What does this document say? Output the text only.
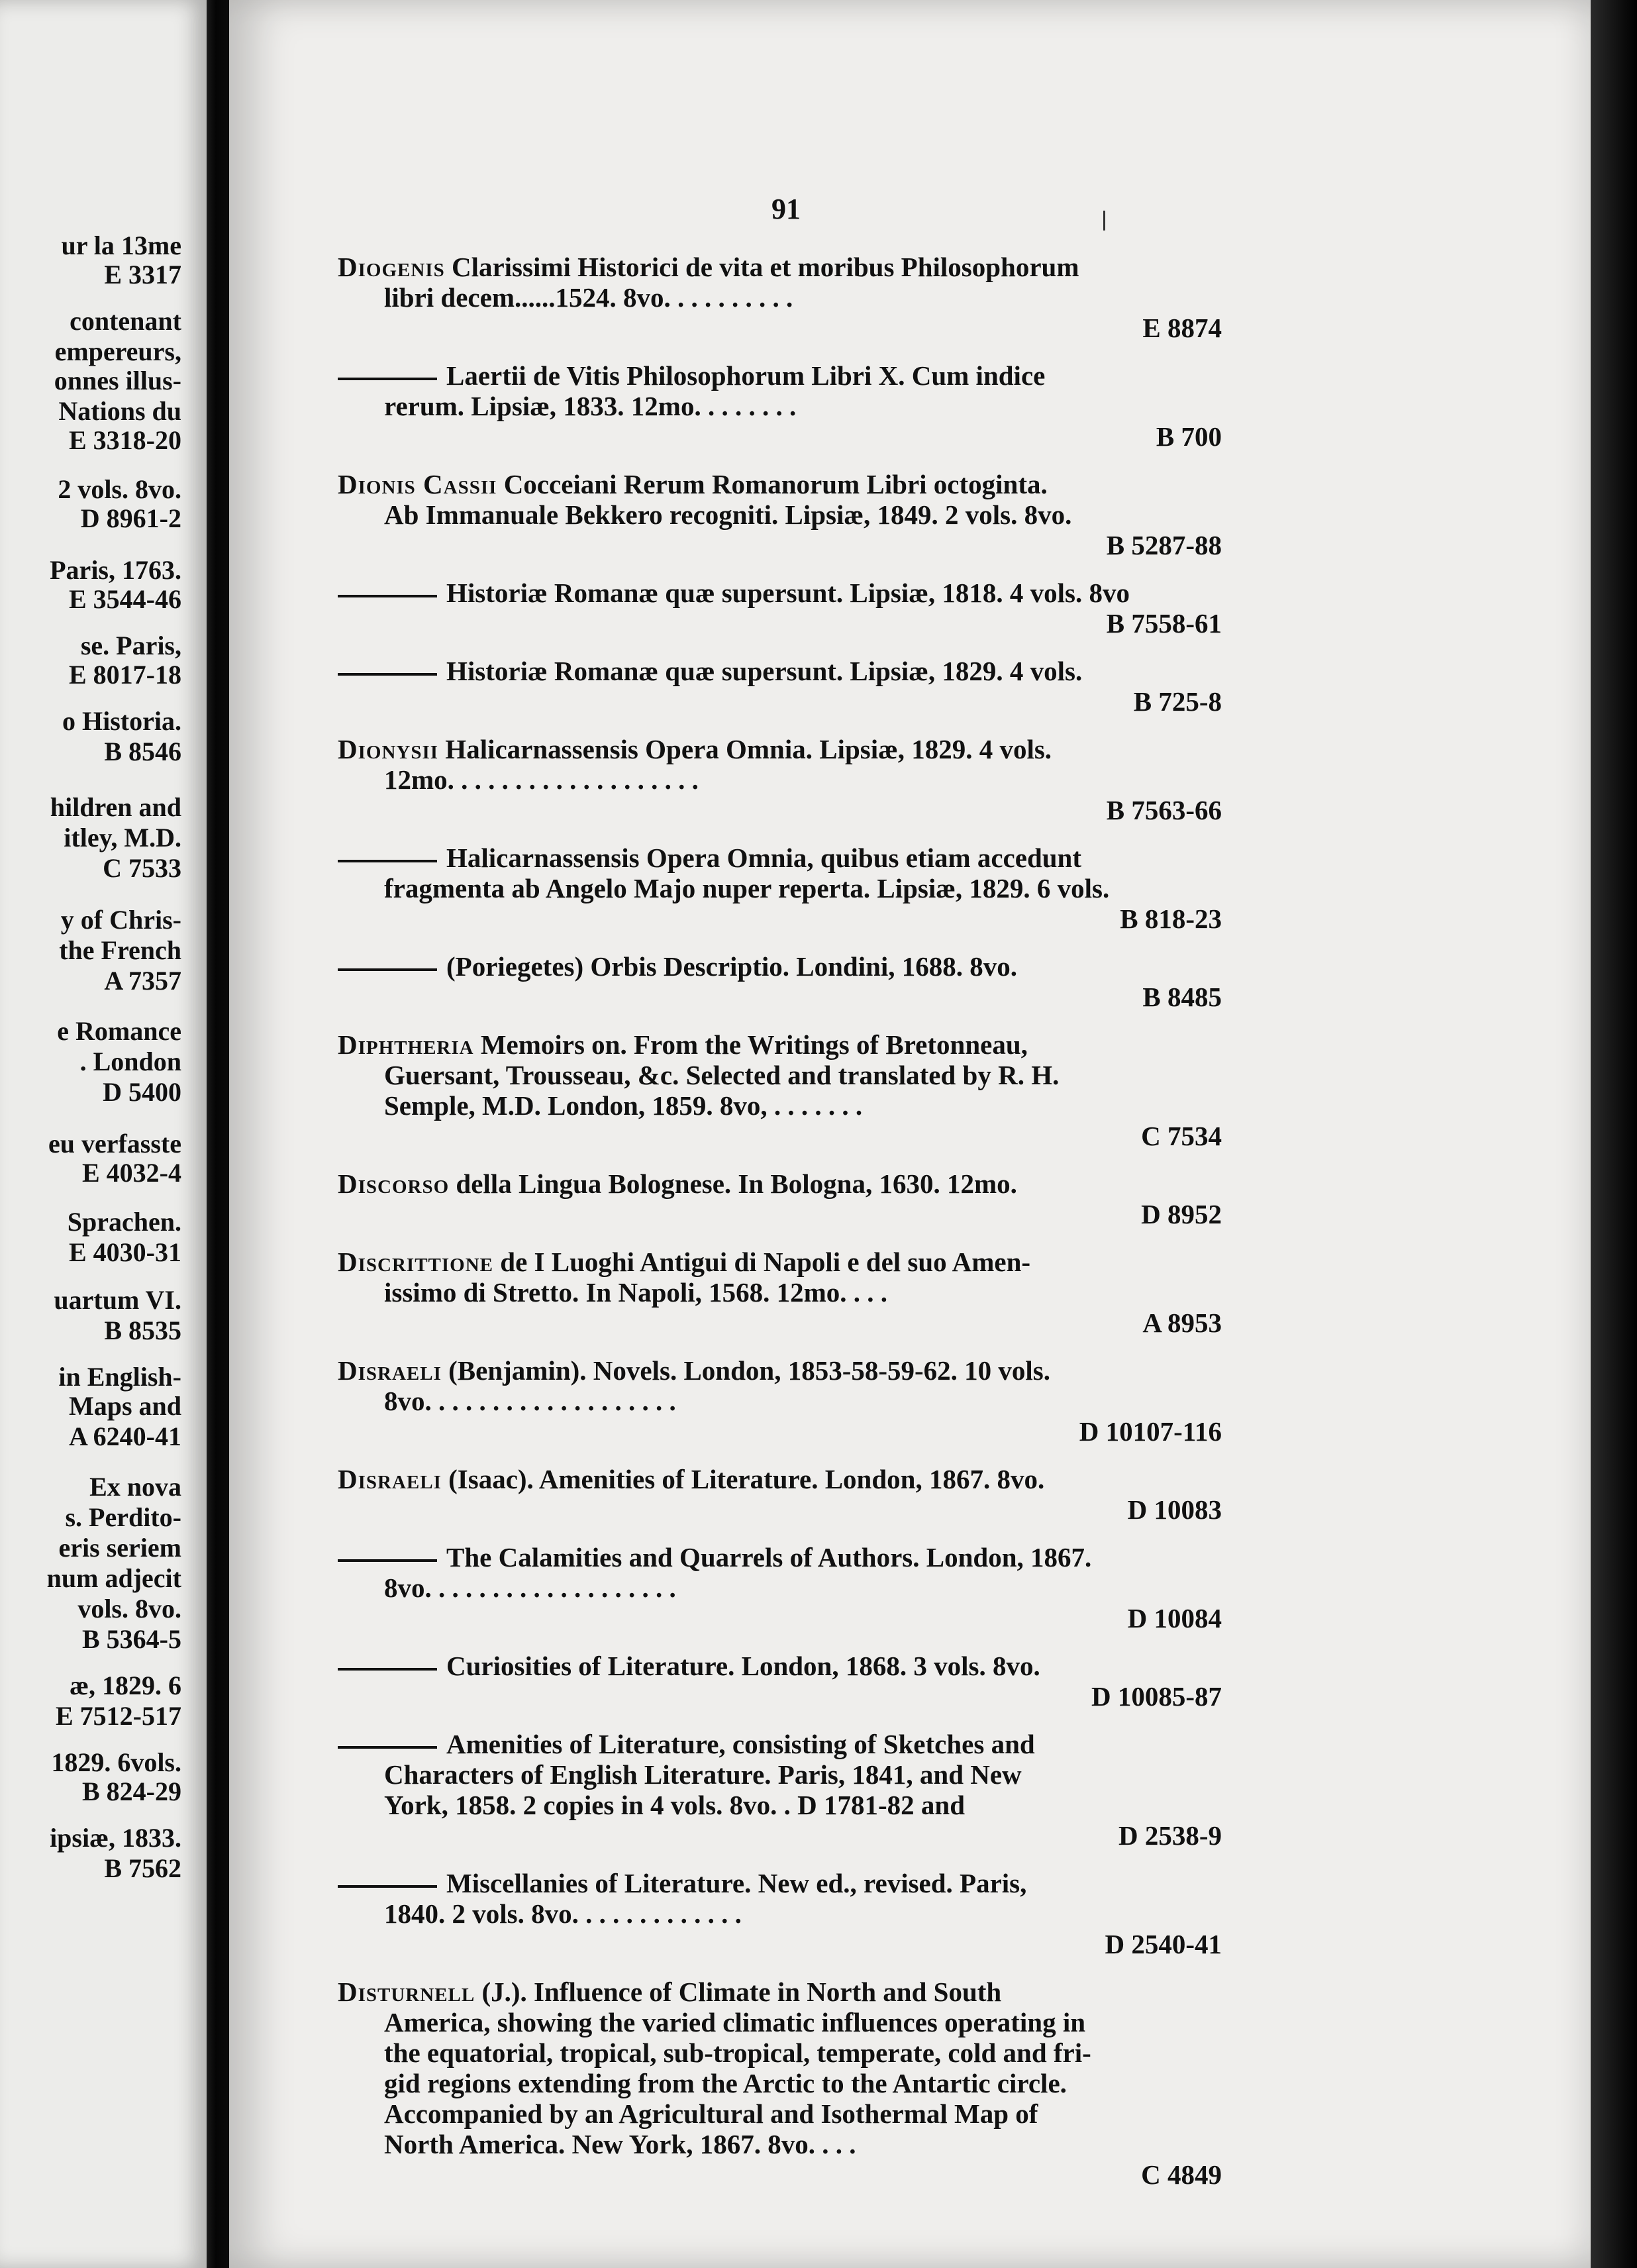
ur la 13me
E 3317
contenant
empereurs,
onnes illus-
Nations du
E 3318-20
2 vols. 8vo.
D 8961-2
Paris, 1763.
E 3544-46
se. Paris,
E 8017-18
o Historia.
B 8546
hildren and
itley, M.D.
C 7533
y of Chris-
the French
A 7357
e Romance
. London
D 5400
eu verfasste
E 4032-4
Sprachen.
E 4030-31
uartum VI.
B 8535
in English-
Maps and
A 6240-41
Ex nova
s. Perdito-
eris seriem
num adjecit
vols. 8vo.
B 5364-5
æ, 1829. 6
E 7512-517
1829. 6vols.
B 824-29
ipsiæ, 1833.
B 7562
91
Diogenis Clarissimi Historici de vita et moribus Philosophorum
libri decem......1524. 8vo. . . . . . . . . .
E 8874
Laertii de Vitis Philosophorum Libri X. Cum indice
rerum. Lipsiæ, 1833. 12mo. . . . . . . .
B 700
Dionis Cassii Cocceiani Rerum Romanorum Libri octoginta.
Ab Immanuale Bekkero recogniti. Lipsiæ, 1849. 2 vols. 8vo.
B 5287-88
Historiæ Romanæ quæ supersunt. Lipsiæ, 1818. 4 vols. 8vo
B 7558-61
Historiæ Romanæ quæ supersunt. Lipsiæ, 1829. 4 vols.
B 725-8
Dionysii Halicarnassensis Opera Omnia. Lipsiæ, 1829. 4 vols.
12mo. . . . . . . . . . . . . . . . . . .
B 7563-66
Halicarnassensis Opera Omnia, quibus etiam accedunt
fragmenta ab Angelo Majo nuper reperta. Lipsiæ, 1829. 6 vols.
B 818-23
(Poriegetes) Orbis Descriptio. Londini, 1688. 8vo.
B 8485
Diphtheria Memoirs on. From the Writings of Bretonneau,
Guersant, Trousseau, &c. Selected and translated by R. H.
Semple, M.D. London, 1859. 8vo, . . . . . . .
C 7534
Discorso della Lingua Bolognese. In Bologna, 1630. 12mo.
D 8952
Discrittione de I Luoghi Antigui di Napoli e del suo Amen-
issimo di Stretto. In Napoli, 1568. 12mo. . . .
A 8953
Disraeli (Benjamin). Novels. London, 1853-58-59-62. 10 vols.
8vo. . . . . . . . . . . . . . . . . . .
D 10107-116
Disraeli (Isaac). Amenities of Literature. London, 1867. 8vo.
D 10083
The Calamities and Quarrels of Authors. London, 1867.
8vo. . . . . . . . . . . . . . . . . . .
D 10084
Curiosities of Literature. London, 1868. 3 vols. 8vo.
D 10085-87
Amenities of Literature, consisting of Sketches and
Characters of English Literature. Paris, 1841, and New
York, 1858. 2 copies in 4 vols. 8vo. . D 1781-82 and
D 2538-9
Miscellanies of Literature. New ed., revised. Paris,
1840. 2 vols. 8vo. . . . . . . . . . . . .
D 2540-41
Disturnell (J.). Influence of Climate in North and South
America, showing the varied climatic influences operating in
the equatorial, tropical, sub-tropical, temperate, cold and fri-
gid regions extending from the Arctic to the Antartic circle.
Accompanied by an Agricultural and Isothermal Map of
North America. New York, 1867. 8vo. . . .
C 4849
